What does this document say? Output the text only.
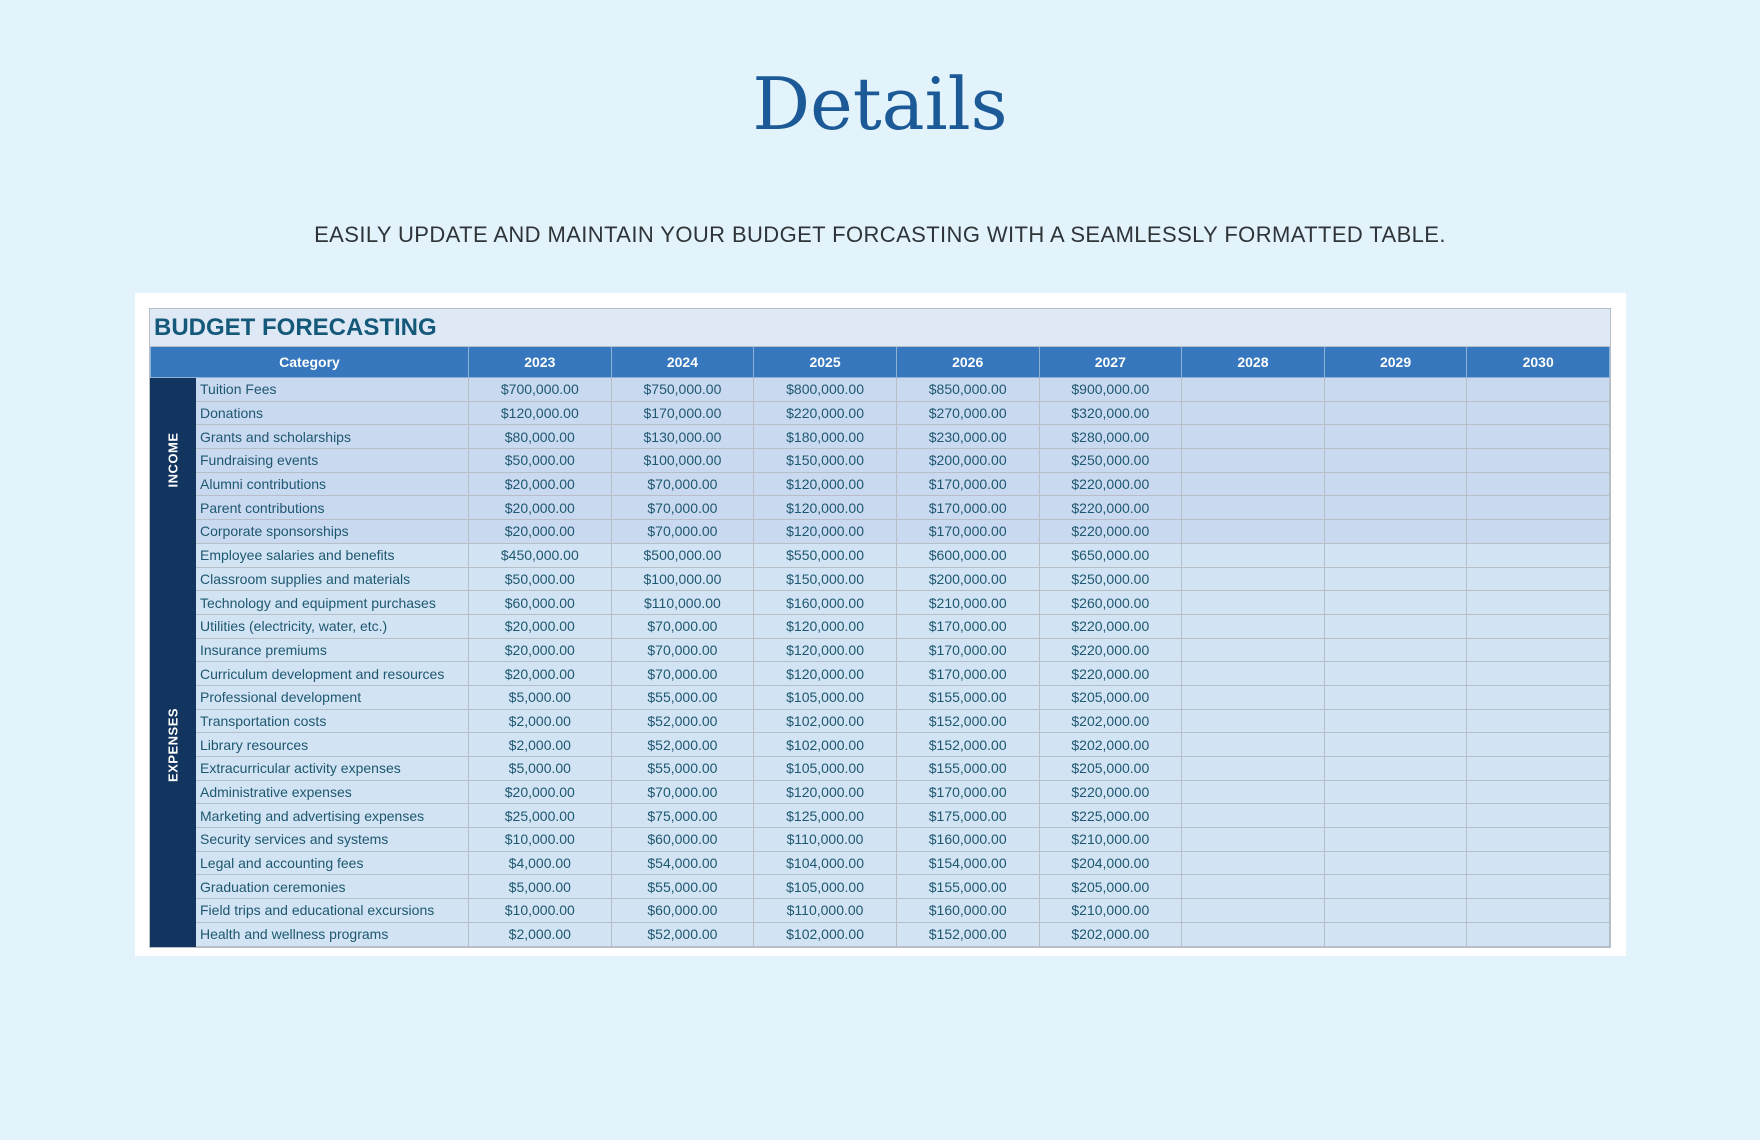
Details
EASILY UPDATE AND MAINTAIN YOUR BUDGET FORCASTING WITH A SEAMLESSLY FORMATTED TABLE.
BUDGET FORECASTING
Category		2023	2024	2025	2026	2027	2028	2029	2030

INCOME	Tuition Fees	$700,000.00	$750,000.00	$800,000.00	$850,000.00	$900,000.00			
	Donations	$120,000.00	$170,000.00	$220,000.00	$270,000.00	$320,000.00			
	Grants and scholarships	$80,000.00	$130,000.00	$180,000.00	$230,000.00	$280,000.00			
	Fundraising events	$50,000.00	$100,000.00	$150,000.00	$200,000.00	$250,000.00			
	Alumni contributions	$20,000.00	$70,000.00	$120,000.00	$170,000.00	$220,000.00			
	Parent contributions	$20,000.00	$70,000.00	$120,000.00	$170,000.00	$220,000.00			
	Corporate sponsorships	$20,000.00	$70,000.00	$120,000.00	$170,000.00	$220,000.00			

EXPENSES	Employee salaries and benefits	$450,000.00	$500,000.00	$550,000.00	$600,000.00	$650,000.00			
	Classroom supplies and materials	$50,000.00	$100,000.00	$150,000.00	$200,000.00	$250,000.00			
	Technology and equipment purchases	$60,000.00	$110,000.00	$160,000.00	$210,000.00	$260,000.00			
	Utilities (electricity, water, etc.)	$20,000.00	$70,000.00	$120,000.00	$170,000.00	$220,000.00			
	Insurance premiums	$20,000.00	$70,000.00	$120,000.00	$170,000.00	$220,000.00			
	Curriculum development and resources	$20,000.00	$70,000.00	$120,000.00	$170,000.00	$220,000.00			
	Professional development	$5,000.00	$55,000.00	$105,000.00	$155,000.00	$205,000.00			
	Transportation costs	$2,000.00	$52,000.00	$102,000.00	$152,000.00	$202,000.00			
	Library resources	$2,000.00	$52,000.00	$102,000.00	$152,000.00	$202,000.00			
	Extracurricular activity expenses	$5,000.00	$55,000.00	$105,000.00	$155,000.00	$205,000.00			
	Administrative expenses	$20,000.00	$70,000.00	$120,000.00	$170,000.00	$220,000.00			
	Marketing and advertising expenses	$25,000.00	$75,000.00	$125,000.00	$175,000.00	$225,000.00			
	Security services and systems	$10,000.00	$60,000.00	$110,000.00	$160,000.00	$210,000.00			
	Legal and accounting fees	$4,000.00	$54,000.00	$104,000.00	$154,000.00	$204,000.00			
	Graduation ceremonies	$5,000.00	$55,000.00	$105,000.00	$155,000.00	$205,000.00			
	Field trips and educational excursions	$10,000.00	$60,000.00	$110,000.00	$160,000.00	$210,000.00			
	Health and wellness programs	$2,000.00	$52,000.00	$102,000.00	$152,000.00	$202,000.00			
